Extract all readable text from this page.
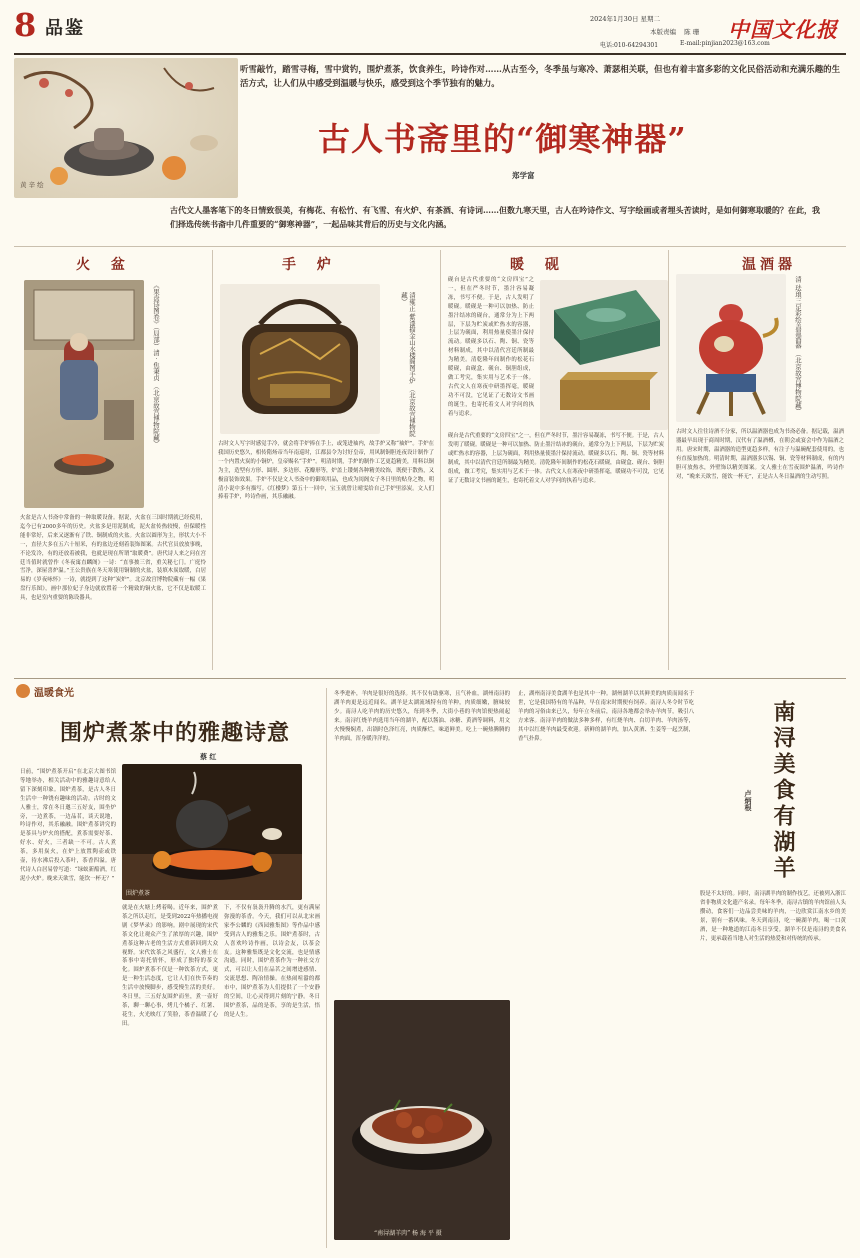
8 品鉴	2024年1月30日 星期二
本版责编 陈 珊
电话:010-64294301	E-mail:pinjian2023@163.com
中国文化报
听雪敲竹，踏雪寻梅，雪中赏钓，围炉煮茶，饮食养生，吟诗作对……从古至今，冬季虽与寒冷、萧瑟相关联，但也有着丰富多彩的文化民俗活动和充满乐趣的生活方式，让人们从中感受到温暖与快乐，感受到这个季节独有的魅力。
黄 辛 绘
古人书斋里的“御寒神器”
郑学富
古代文人墨客笔下的冬日情致很美，有梅花、有松竹、有飞雪、有火炉、有茶酒、有诗词……但数九寒天里，古人在吟诗作文、写字绘画或者埋头苦读时，是如何御寒取暖的？在此，我们择选传统书斋中几件重要的“御寒神器”，一起品味其背后的历史与文化内涵。
火 盆	手 炉	暖 砚	温酒器
《果盘诗图卷》（局部）清 · 焦秉贞 （北京故宫博物院藏）
火盆是古人书斋中常备的一种取暖设备。据说，火盆在三国时期就已经使用，迄今已有2000多年的历史。火盆多是用泥制成，泥火盆传热较慢，但保暖性能非常好，后来又逐渐有了铁、铜制成的火盆。火盆以圆形为主，形状大小不一，直径大多在五六十厘米，有的盆边还刻着装饰图案。古代官员放放事晚，不论发冷，有的还放着被我，也就是现在所谓“取暖费”。唐代诗人来之问在宫廷当值时就曾作《冬夜寓直麟阁》一诗：“直事披三省，重关秘七门。广庭怜雪净，深屋喜炉温。”王公贵族在冬天寒使用铜制的火盆，装填木炭取暖，白居易的《岁夜咏怀》一诗，就提到了这种“炭炉”。北京故宫博物院藏有一幅《果盘行乐图》，画中那位妃子身边就放置着一个精致的铜火盆，它不仅是取暖工具，也是室内重要的陈设器具。
清雍正 紫漆描金山水楼阁图手炉 （北京故宫博物院藏）
古时文人写字时感觉手冷，就会将手炉捧在手上，或笼进袖内，故手炉又称“袖炉”。手炉在我国历史悠久，相传隋炀帝当年南巡时，江都县令为讨好皇帝，用风制铜胆连夜设计制作了一个内置火炭的小铜炉，皇帝赐名“手炉”。明清时期，手炉的制作工艺更趋精美，用料以铜为主，造型有方形、圆形、多边形、花瓣形等，炉盖上镂刻各种精美纹饰，既便于散热，又极富装饰效果。手炉不仅是文人书斋中的御寒用品，也成为闺阁女子冬日里的贴身之物，明清小说中多有描写。《红楼梦》第五十一回中，宝玉就曾让晴雯给自己手炉里添炭。文人们捧着手炉，吟诗作画，其乐融融。
砚台是古代重要的“文房四宝”之一，但在严冬时节，墨汁容易凝冻，书写不便。于是，古人发明了暖砚。暖砚是一种可以加热、防止墨汁结冰的砚台，通常分为上下两层，下层为贮炭或贮热水的容器，上层为砚面，利用热量使墨汁保持流动。暖砚多以石、陶、铜、瓷等材料制成，其中以清代宫廷所制最为精美。清乾隆年间制作的松花石暖砚，由砚盒、砚台、铜胆组成，做工考究，集实用与艺术于一体。古代文人在寒夜中研墨挥毫，暖砚功不可没，它见证了无数诗文书画的诞生，也寄托着文人对学问的执着与追求。
砚台是古代重要的“文房四宝”之一，但在严冬时节，墨汁容易凝冻，书写不便。于是，古人发明了暖砚。暖砚是一种可以加热、防止墨汁结冰的砚台，通常分为上下两层，下层为贮炭或贮热水的容器，上层为砚面，利用热量使墨汁保持流动。暖砚多以石、陶、铜、瓷等材料制成，其中以清代宫廷所制最为精美。清乾隆年间制作的松花石暖砚，由砚盒、砚台、铜胆组成，做工考究，集实用与艺术于一体。古代文人在寒夜中研墨挥毫，暖砚功不可没，它见证了无数诗文书画的诞生，也寄托着文人对学问的执着与追求。
清 珐琅三足彩绘盖温酒器 （北京故宫博物院藏）
古时文人往往诗酒不分家，所以温酒器也成为书斋必备。据记载，温酒器最早出现于商周时期，汉代有了温酒樽，在朝会或宴会中作为温酒之用。唐宋时期，温酒器的造型更趋多样，有注子与温碗配套使用的，也有直接加热的。明清时期，温酒器多以锡、铜、瓷等材料制成，有的内胆可放热水，外壁饰以精美图案。文人雅士在雪夜围炉温酒，吟诗作对，“晚来天欲雪，能饮一杯无”，正是古人冬日温酒的生动写照。
温暖食光
围炉煮茶中的雅趣诗意
蔡 红
日前，“围炉煮茶开启”在北京大图书馆等地举办，相关活动中的雅趣诗意给人留下深刻印象。围炉煮茶，是古人冬日生活中一种饶有趣味的活动。古时的文人雅士，常在冬日邀三五好友，围坐炉旁，一边煮茶，一边品茗，谈天说地，吟诗作对，其乐融融。围炉煮茶讲究的是茶具与炉火的搭配，煮茶需要好茶、好水、好火，三者缺一不可。古人煮茶，多用炭火，在炉上放置陶壶或铁壶，待水沸后投入茶叶，茶香四溢。唐代诗人白居易曾写道：“绿蚁新醅酒，红泥小火炉。晚来天欲雪，能饮一杯无？”
围炉煮茶
就是在火塘上烤着喝。近年来，围炉煮茶之所以走红，是受到2022年热播电视剧《梦华录》的影响。剧中展现的宋代茶文化让观众产生了浓厚的兴趣，围炉煮茶这种古老的生活方式重新回到大众视野。宋代饮茶之风盛行，文人雅士在茶事中寄托情怀，形成了独特的茶文化。围炉煮茶不仅是一种饮茶方式，更是一种生活态度，它让人们在快节奏的生活中放慢脚步，感受慢生活的美好。冬日里，三五好友围炉而坐，煮一壶好茶，聊一聊心事，烤几个橘子、红薯、花生，火光映红了笑脸，茶香温暖了心田。
下，不仅有袅袅升腾的水汽，更有满屋弥漫的茶香。今天，我们可以从北宋画家李公麟的《西园雅集图》等作品中感受到古人的雅集之乐。围炉煮茶时，古人喜欢吟诗作画，以诗会友，以茶会友。这种雅集既是文化交流，也是情感沟通。同时，围炉煮茶作为一种社交方式，可以让人们在品茗之间增进感情、交流思想、陶冶情操。在热闹喧嚣的都市中，围炉煮茶为人们提供了一个安静的空间，让心灵得到片刻的宁静。冬日围炉煮茶，品的是茶，享的是生活，悟的是人生。
冬季进补，羊肉是很好的选择。其不仅有助驱寒，且气补血，湖州南浔的湖羊肉更是远近闻名。湖羊是太湖流域特有的羊种，肉质细嫩，膻味较少。南浔人吃羊肉的历史悠久，每到冬季，大街小巷的羊肉馆便热闹起来。南浔红烧羊肉选用当年的湖羊，配以酱油、冰糖、黄酒等调料，用文火慢慢焖煮，出锅时色泽红亮，肉质酥烂，味道鲜美。吃上一碗热腾腾的羊肉面，浑身暖洋洋的。
“南浔湖羊肉” 杨 海 平 摄
止，湖州南浔美食湖羊也是其中一种。湖州湖羊以其鲜美的肉质而闻名于世，它是我国特有的羊品种，早在南宋时期便有饲养。南浔人冬令时节吃羊肉的习俗由来已久，每年立冬前后，南浔各地都会举办羊肉节，吸引八方来客。南浔羊肉的做法多种多样，有红烧羊肉、白切羊肉、羊肉汤等，其中以红烧羊肉最受欢迎。新鲜的湖羊肉，加入黄酒、生姜等一起烹制，香气扑鼻。	南浔美食有湖羊
卢炳根
股是不太好的。同时，南浔湖羊肉的制作技艺，还被列入浙江省非物质文化遗产名录。每年冬季，南浔古镇的羊肉馆前人头攒动，食客们一边品尝美味的羊肉，一边欣赏江南水乡的美景，别有一番风味。冬天到南浔，吃一碗湖羊肉，喝一口黄酒，是一种地道的江南冬日享受。湖羊不仅是南浔的美食名片，更承载着当地人对生活的热爱和对传统的传承。
